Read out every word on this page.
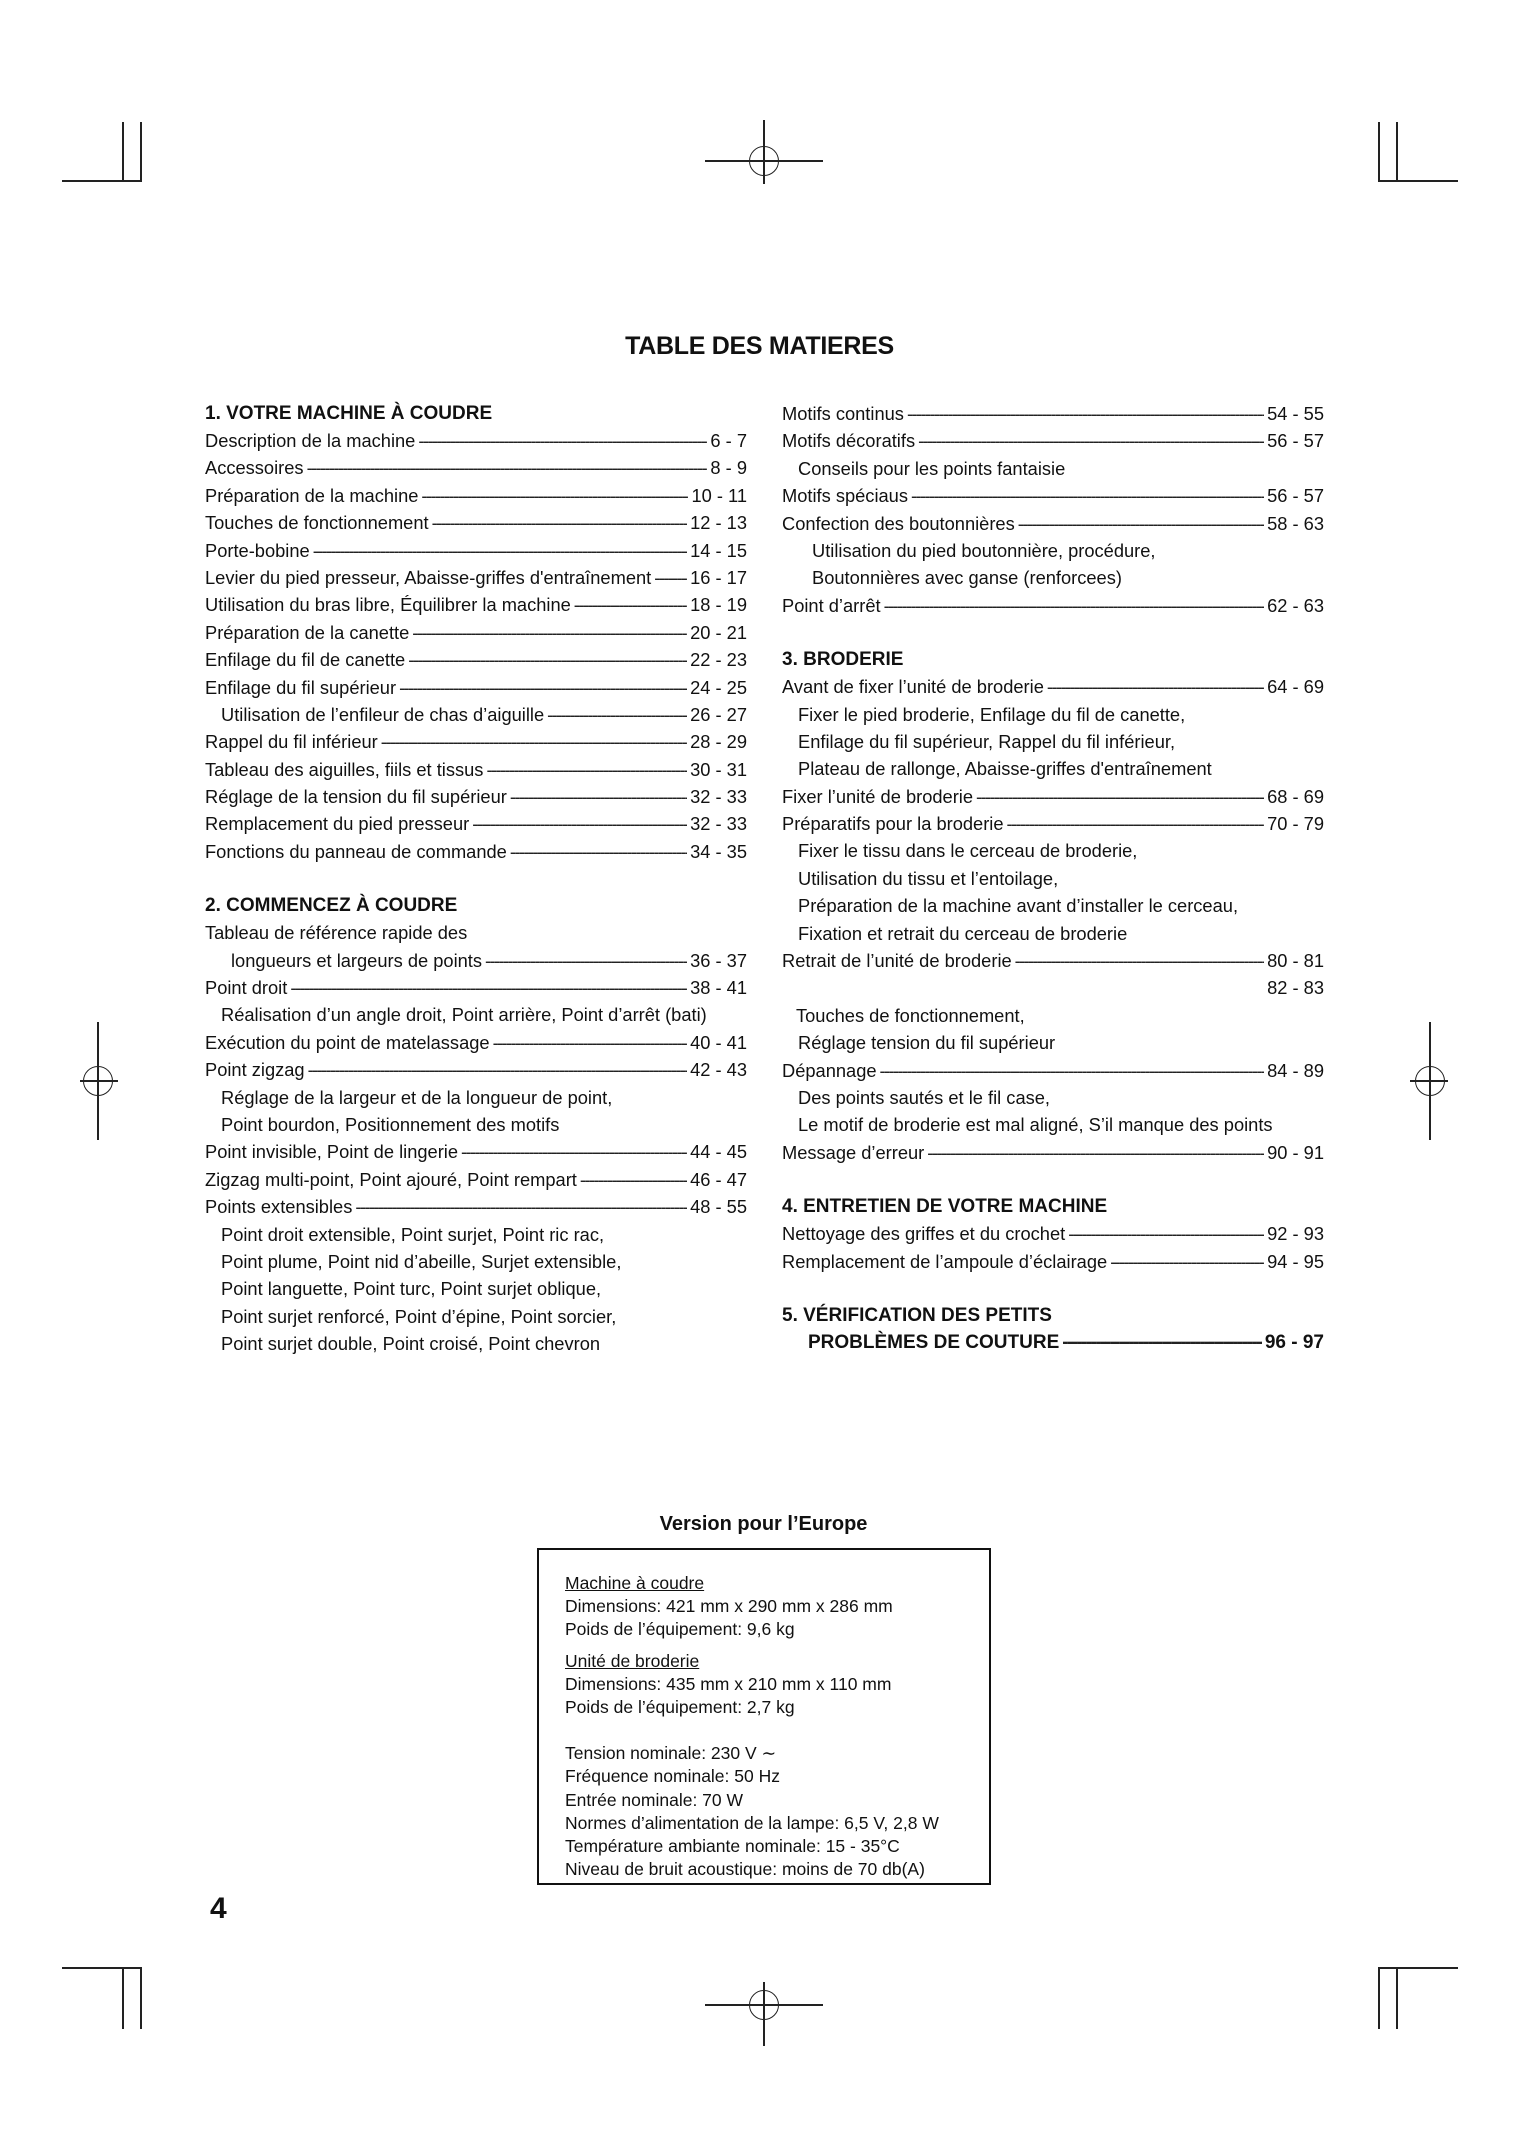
TABLE DES MATIERES
1. VOTRE MACHINE À COUDRE
Description de la machine -----	6 - 7
Accessoires -----	8 - 9
Préparation de la machine -----	10 - 11
Touches de fonctionnement -----	12 - 13
Porte-bobine -----	14 - 15
Levier du pied presseur, Abaisse-griffes d'entraînement ----- 16 - 17
Utilisation du bras libre, Équilibrer la machine -----	18 - 19
Préparation de la canette -----	20 - 21
Enfilage du fil de canette -----	22 - 23
Enfilage du fil supérieur -----	24 - 25
Utilisation de l’enfileur de chas d’aiguille -----	26 - 27
Rappel du fil inférieur -----	28 - 29
Tableau des aiguilles, fiils et tissus -----	30 - 31
Réglage de la tension du fil supérieur -----	32 - 33
Remplacement du pied presseur -----	32 - 33
Fonctions du panneau de commande -----	34 - 35
2. COMMENCEZ À COUDRE
Tableau de référence rapide des
longueurs et largeurs de points -----	36 - 37
Point droit -----	38 - 41
Réalisation d’un angle droit, Point arrière, Point d’arrêt (bati)
Exécution du point de matelassage -----	40 - 41
Point zigzag -----	42 - 43
Réglage de la largeur et de la longueur de point,
Point bourdon, Positionnement des motifs
Point invisible, Point de lingerie -----	44 - 45
Zigzag multi-point, Point ajouré, Point rempart -----	46 - 47
Points extensibles -----	48 - 55
Point droit extensible, Point surjet, Point ric rac,
Point plume, Point nid d’abeille, Surjet extensible,
Point languette, Point turc, Point surjet oblique,
Point surjet renforcé, Point d’épine, Point sorcier,
Point surjet double, Point croisé, Point chevron
Motifs continus -----	54 - 55
Motifs décoratifs -----	56 - 57
Conseils pour les points fantaisie
Motifs spéciaus -----	56 - 57
Confection des boutonnières -----	58 - 63
Utilisation du pied boutonnière, procédure,
Boutonnières avec ganse (renforcees)
Point d’arrêt -----	62 - 63
3. BRODERIE
Avant de fixer l’unité de broderie -----	64 - 69
Fixer le pied broderie, Enfilage du fil de canette,
Enfilage du fil supérieur, Rappel du fil inférieur,
Plateau de rallonge, Abaisse-griffes d'entraînement
Fixer l’unité de broderie -----	68 - 69
Préparatifs pour la broderie -----	70 - 79
Fixer le tissu dans le cerceau de broderie,
Utilisation du tissu et l’entoilage,
Préparation de la machine avant d’installer le cerceau,
Fixation et retrait du cerceau de broderie
Retrait de l’unité de broderie -----	80 - 81
82 - 83
Touches de fonctionnement,
Réglage tension du fil supérieur
Dépannage -----	84 - 89
Des points sautés et le fil case,
Le motif de broderie est mal aligné, S’il manque des points
Message d’erreur -----	90 - 91
4. ENTRETIEN DE VOTRE MACHINE
Nettoyage des griffes et du crochet -----	92 - 93
Remplacement de l’ampoule d’éclairage -----	94 - 95
5. VÉRIFICATION DES PETITS
PROBLÈMES DE COUTURE -----	96 - 97
Version pour l’Europe
Machine à coudre
Dimensions: 421 mm x 290 mm x 286 mm
Poids de l’équipement: 9,6 kg
Unité de broderie
Dimensions: 435 mm x 210 mm x 110 mm
Poids de l’équipement: 2,7 kg
Tension nominale: 230 V ∼
Fréquence nominale: 50 Hz
Entrée nominale: 70 W
Normes d’alimentation de la lampe: 6,5 V, 2,8 W
Température ambiante nominale: 15 - 35°C
Niveau de bruit acoustique: moins de 70 db(A)
4
